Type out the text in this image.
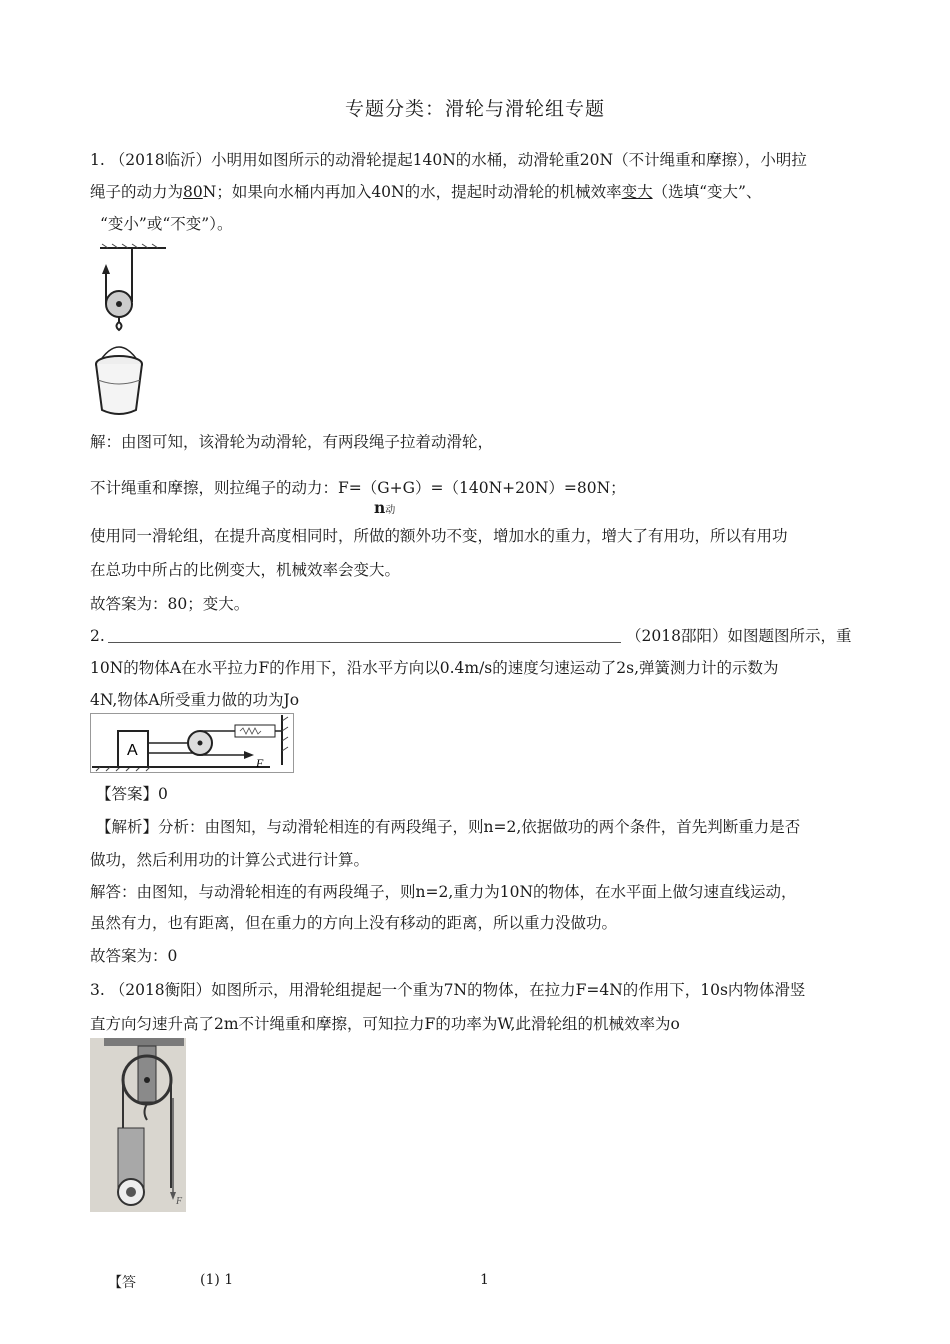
专题分类：滑轮与滑轮组专题
1. （2018临沂）小明用如图所示的动滑轮提起140N的水桶，动滑轮重20N（不计绳重和摩擦），小明拉
绳子的动力为80N；如果向水桶内再加入40N的水，提起时动滑轮的机械效率变大（选填“变大”、
“变小”或“不变”）。
解：由图可知，该滑轮为动滑轮，有两段绳子拉着动滑轮，
不计绳重和摩擦，则拉绳子的动力：F=（G+G）=（140N+20N）=80N；
n动
使用同一滑轮组，在提升高度相同时，所做的额外功不变，增加水的重力，增大了有用功，所以有用功
在总功中所占的比例变大，机械效率会变大。
故答案为：80；变大。
2.	（2018邵阳）如图题图所示，重
10N的物体A在水平拉力F的作用下，沿水平方向以0.4m/s的速度匀速运动了2s,弹簧测力计的示数为
4N,物体A所受重力做的功为Jo
A
F
【答案】0
【解析】分析：由图知，与动滑轮相连的有两段绳子，则n=2,依据做功的两个条件，首先判断重力是否
做功，然后利用功的计算公式进行计算。
解答：由图知，与动滑轮相连的有两段绳子，则n=2,重力为10N的物体，在水平面上做匀速直线运动，
虽然有力，也有距离，但在重力的方向上没有移动的距离，所以重力没做功。
故答案为：0
3. （2018衡阳）如图所示，用滑轮组提起一个重为7N的物体，在拉力F=4N的作用下，10s内物体滑竖
直方向匀速升高了2m不计绳重和摩擦，可知拉力F的功率为W,此滑轮组的机械效率为o
F
【答	(1) 1	1
